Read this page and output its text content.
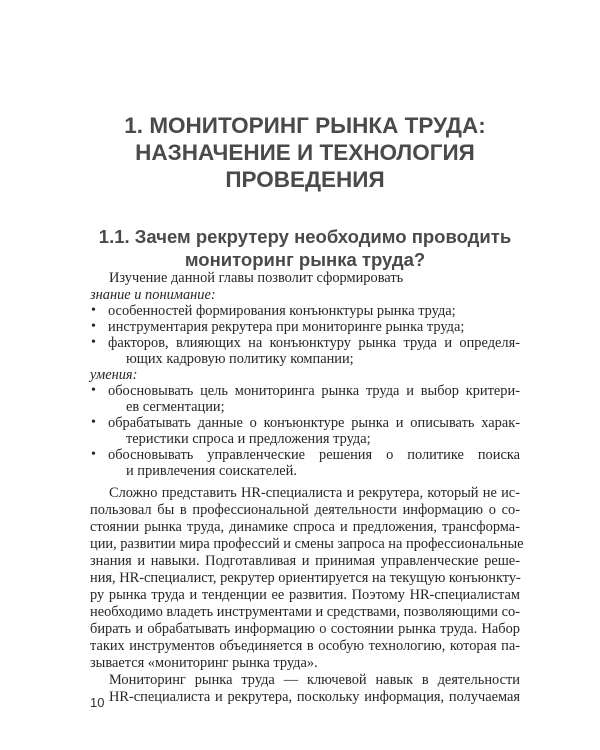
1. МОНИТОРИНГ РЫНКА ТРУДА:
НАЗНАЧЕНИЕ И ТЕХНОЛОГИЯ
ПРОВЕДЕНИЯ
1.1. Зачем рекрутеру необходимо проводить
мониторинг рынка труда?
Изучение данной главы позволит сформировать
знание и понимание:
• особенностей формирования конъюнктуры рынка труда;
• инструментария рекрутера при мониторинге рынка труда;
• факторов, влияющих на конъюнктуру рынка труда и определя-
ющих кадровую политику компании;
умения:
• обосновывать цель мониторинга рынка труда и выбор критери-
ев сегментации;
• обрабатывать данные о конъюнктуре рынка и описывать харак-
теристики спроса и предложения труда;
• обосновывать управленческие решения о политике поиска
и привлечения соискателей.
Сложно представить HR-специалиста и рекрутера, который не ис-
пользовал бы в профессиональной деятельности информацию о со-
стоянии рынка труда, динамике спроса и предложения, трансформа-
ции, развитии мира профессий и смены запроса на профессиональные
знания и навыки. Подготавливая и принимая управленческие реше-
ния, HR-специалист, рекрутер ориентируется на текущую конъюнкту-
ру рынка труда и тенденции ее развития. Поэтому HR-специалистам
необходимо владеть инструментами и средствами, позволяющими со-
бирать и обрабатывать информацию о состоянии рынка труда. Набор
таких инструментов объединяется в особую технологию, которая па-
зывается «мониторинг рынка труда».
Мониторинг рынка труда — ключевой навык в деятельности
HR-специалиста и рекрутера, поскольку информация, получаемая
10
